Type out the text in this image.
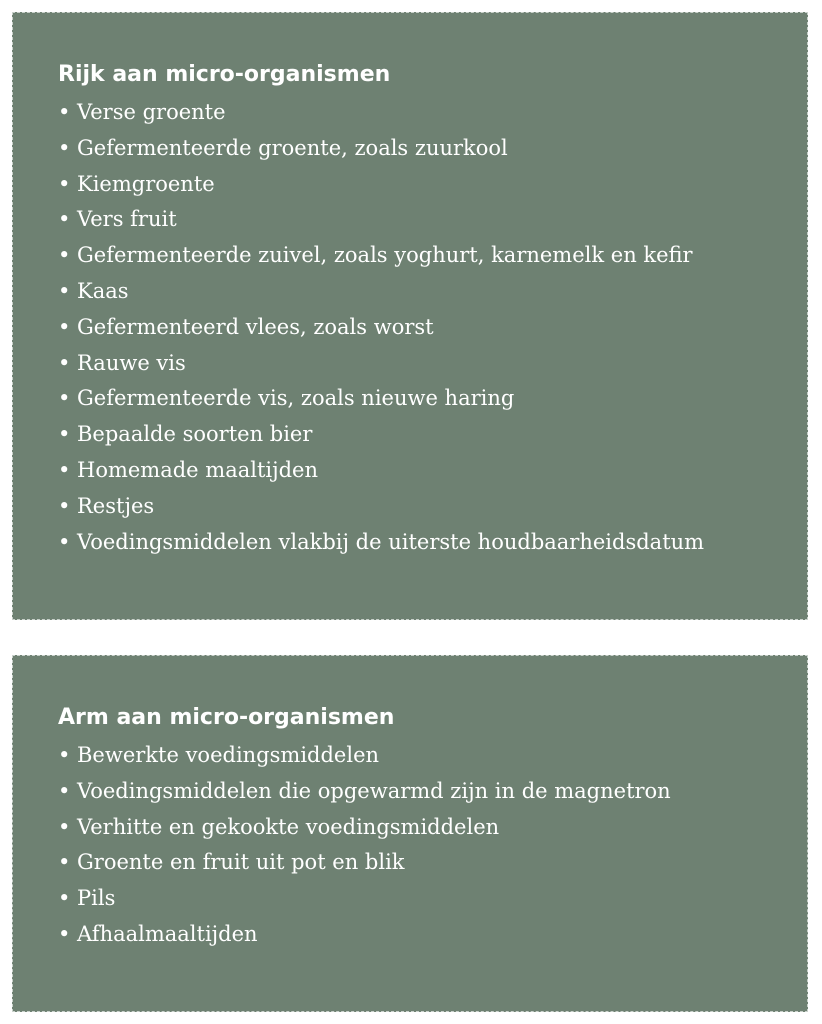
Rijk aan micro-organismen
• Verse groente
• Gefermenteerde groente, zoals zuurkool
• Kiemgroente
• Vers fruit
• Gefermenteerde zuivel, zoals yoghurt, karnemelk en kefir
• Kaas
• Gefermenteerd vlees, zoals worst
• Rauwe vis
• Gefermenteerde vis, zoals nieuwe haring
• Bepaalde soorten bier
• Homemade maaltijden
• Restjes
• Voedingsmiddelen vlakbij de uiterste houdbaarheidsdatum
Arm aan micro-organismen
• Bewerkte voedingsmiddelen
• Voedingsmiddelen die opgewarmd zijn in de magnetron
• Verhitte en gekookte voedingsmiddelen
• Groente en fruit uit pot en blik
• Pils
• Afhaalmaaltijden
